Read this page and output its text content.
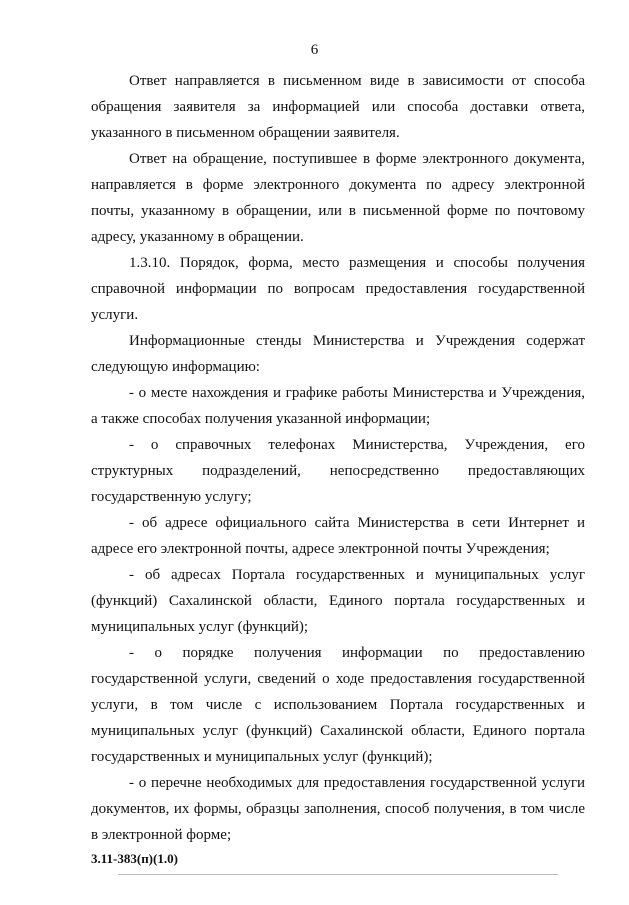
6

Ответ направляется в письменном виде в зависимости от способа обращения заявителя за информацией или способа доставки ответа, указанного в письменном обращении заявителя.

Ответ на обращение, поступившее в форме электронного документа, направляется в форме электронного документа по адресу электронной почты, указанному в обращении, или в письменной форме по почтовому адресу, указанному в обращении.

1.3.10. Порядок, форма, место размещения и способы получения справочной информации по вопросам предоставления государственной услуги.

Информационные стенды Министерства и Учреждения содержат следующую информацию:

- о месте нахождения и графике работы Министерства и Учреждения, а также способах получения указанной информации;

- о справочных телефонах Министерства, Учреждения, его структурных подразделений, непосредственно предоставляющих государственную услугу;

- об адресе официального сайта Министерства в сети Интернет и адресе его электронной почты, адресе электронной почты Учреждения;

- об адресах Портала государственных и муниципальных услуг (функций) Сахалинской области, Единого портала государственных и муниципальных услуг (функций);

- о порядке получения информации по предоставлению государственной услуги, сведений о ходе предоставления государственной услуги, в том числе с использованием Портала государственных и муниципальных услуг (функций) Сахалинской области, Единого портала государственных и муниципальных услуг (функций);

- о перечне необходимых для предоставления государственной услуги документов, их формы, образцы заполнения, способ получения, в том числе в электронной форме;

3.11-383(п)(1.0)
